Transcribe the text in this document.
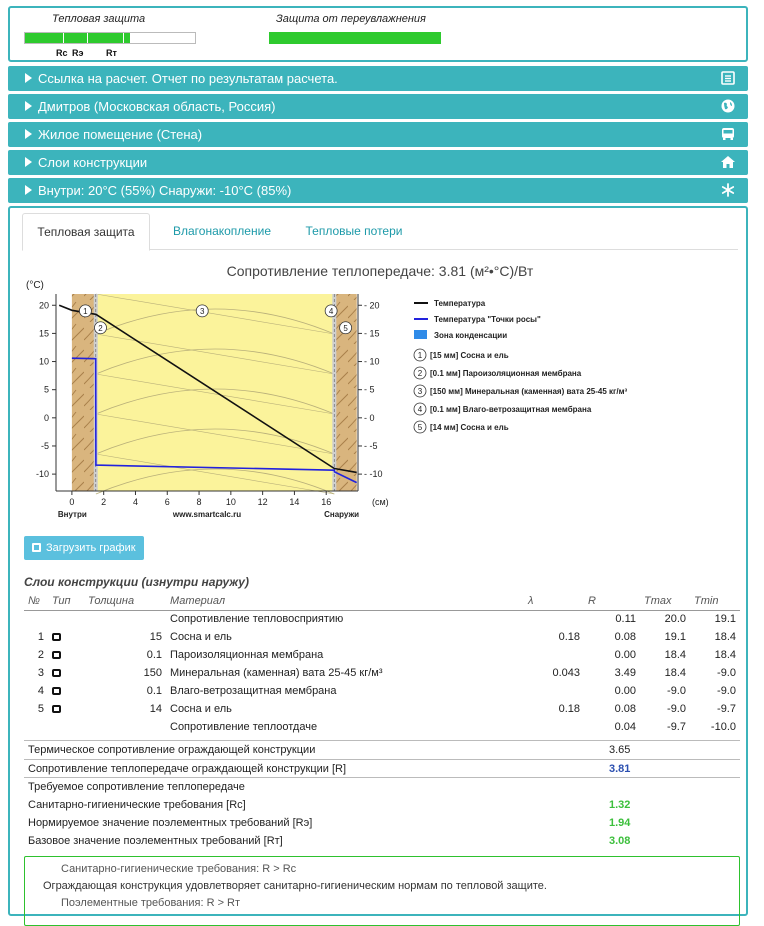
Тепловая защита
Rc Rэ	Rт
Защита от переувлажнения
Ссылка на расчет. Отчет по результатам расчета.
Дмитров (Московская область, Россия)
Жилое помещение (Стена)
Слои конструкции
Внутри: 20°C (55%) Снаружи: -10°C (85%)
Тепловая защита	Влагонакопление	Тепловые потери
Сопротивление теплопередаче: 3.81 (м²•°C)/Вт
0	2	4	6	8	10 12 14 16
20
15
10
5
0
-5
-10
- 20
- 15
- 10
- 5
- 0
- -5
- -10
(°C)
(см)
Внутри	www.smartcalc.ru	Снаружи
1
2
3	4
5
Температура
Температура "Точки росы"
Зона конденсации
1 [15 мм] Сосна и ель
2 [0.1 мм] Пароизоляционная мембрана
3 [150 мм] Минеральная (каменная) вата 25-45 кг/м³
4 [0.1 мм] Влаго-ветрозащитная мембрана
5 [14 мм] Сосна и ель
Загрузить график
Слои конструкции (изнутри наружу)
№	Тип	Толщина	Материал	λ	R	Tmax	Tmin
			Сопротивление тепловосприятию		0.11	20.0	19.1
1		15	Сосна и ель	0.18	0.08	19.1	18.4
2		0.1	Пароизоляционная мембрана		0.00	18.4	18.4
3		150	Минеральная (каменная) вата 25-45 кг/м³	0.043	3.49	18.4	-9.0
4		0.1	Влаго-ветрозащитная мембрана		0.00	-9.0	-9.0
5		14	Сосна и ель	0.18	0.08	-9.0	-9.7
			Сопротивление теплоотдаче		0.04	-9.7	-10.0
Термическое сопротивление ограждающей конструкции	3.65
Сопротивление теплопередаче ограждающей конструкции [R]	3.81
Требуемое сопротивление теплопередаче
Санитарно-гигиенические требования [Rc]	1.32
Нормируемое значение поэлементных требований [Rэ]	1.94
Базовое значение поэлементных требований [Rт]	3.08
Санитарно-гигиенические требования: R > Rc
Ограждающая конструкция удовлетворяет санитарно-гигиеническим нормам по тепловой защите.
Поэлементные требования: R > Rт
